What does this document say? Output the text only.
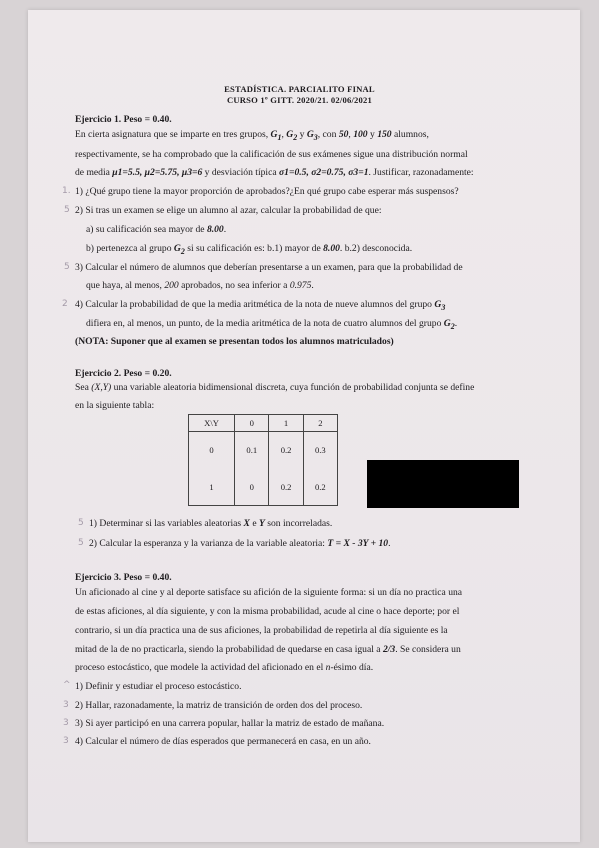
ESTADÍSTICA. PARCIALITO FINAL
CURSO 1º GITT. 2020/21. 02/06/2021
Ejercicio 1. Peso = 0.40.
En cierta asignatura que se imparte en tres grupos, $G_1$, $G_2$ y $G_3$, con 50, 100 y 150 alumnos,
respectivamente, se ha comprobado que la calificación de sus exámenes sigue una distribución normal
de media μ1=5.5, μ2=5.75, μ3=6 y desviación típica σ1=0.5, σ2=0.75, σ3=1. Justificar, razonadamente:
1) ¿Qué grupo tiene la mayor proporción de aprobados?¿En qué grupo cabe esperar más suspensos?
2) Si tras un examen se elige un alumno al azar, calcular la probabilidad de que:
a) su calificación sea mayor de 8.00.
b) pertenezca al grupo $G_2$ si su calificación es: b.1) mayor de 8.00. b.2) desconocida.
3) Calcular el número de alumnos que deberían presentarse a un examen, para que la probabilidad de
que haya, al menos, 200 aprobados, no sea inferior a 0.975.
4) Calcular la probabilidad de que la media aritmética de la nota de nueve alumnos del grupo $G_3$
difiera en, al menos, un punto, de la media aritmética de la nota de cuatro alumnos del grupo $G_2$.
(NOTA: Suponer que al examen se presentan todos los alumnos matriculados)
Ejercicio 2. Peso = 0.20.
Sea (X,Y) una variable aleatoria bidimensional discreta, cuya función de probabilidad conjunta se define
en la siguiente tabla:
X\Y	0	1	2
0	0.1	0.2	0.3
1	0	0.2	0.2
1) Determinar si las variables aleatorias X e Y son incorreladas.
2) Calcular la esperanza y la varianza de la variable aleatoria: T = X - 3Y + 10.
Ejercicio 3. Peso = 0.40.
Un aficionado al cine y al deporte satisface su afición de la siguiente forma: si un día no practica una
de estas aficiones, al día siguiente, y con la misma probabilidad, acude al cine o hace deporte; por el
contrario, si un día practica una de sus aficiones, la probabilidad de repetirla al día siguiente es la
mitad de la de no practicarla, siendo la probabilidad de quedarse en casa igual a 2/3. Se considera un
proceso estocástico, que modele la actividad del aficionado en el n-ésimo día.
1) Definir y estudiar el proceso estocástico.
2) Hallar, razonadamente, la matriz de transición de orden dos del proceso.
3) Si ayer participó en una carrera popular, hallar la matriz de estado de mañana.
4) Calcular el número de días esperados que permanecerá en casa, en un año.
1.
5
5
2
5
5
^
3
3
3
